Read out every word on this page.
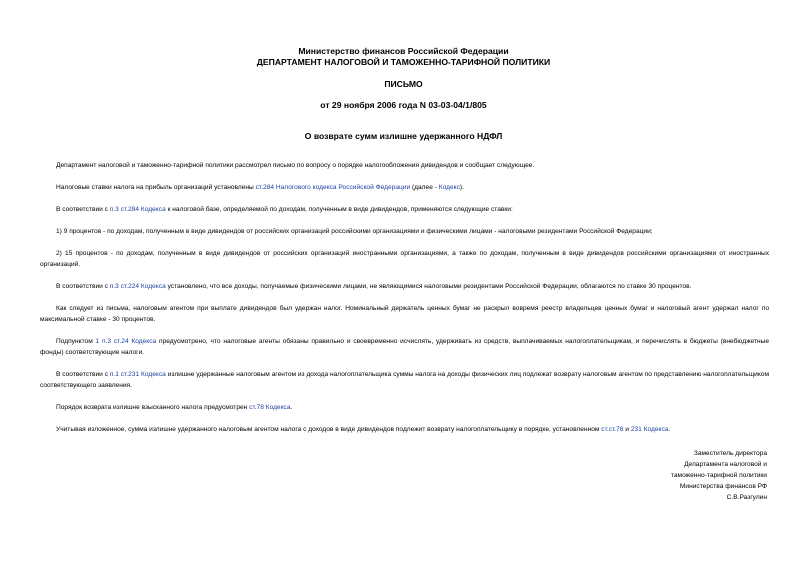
Министерство финансов Российской Федерации
ДЕПАРТАМЕНТ НАЛОГОВОЙ И ТАМОЖЕННО-ТАРИФНОЙ ПОЛИТИКИ
ПИСЬМО
от 29 ноября 2006 года N 03-03-04/1/805
О возврате сумм излишне удержанного НДФЛ

Департамент налоговой и таможенно-тарифной политики рассмотрел письмо по вопросу о порядке налогообложения дивидендов и сообщает следующее.

Налоговые ставки налога на прибыль организаций установлены ст.284 Налогового кодекса Российской Федерации (далее - Кодекс).

В соответствии с п.3 ст.284 Кодекса к налоговой базе, определяемой по доходам, полученным в виде дивидендов, применяются следующие ставки:

1) 9 процентов - по доходам, полученным в виде дивидендов от российских организаций российскими организациями и физическими лицами - налоговыми резидентами Российской Федерации;

2) 15 процентов - по доходам, полученным в виде дивидендов от российских организаций иностранными организациями, а также по доходам, полученным в виде дивидендов российскими организациями от иностранных организаций.

В соответствии с п.3 ст.224 Кодекса установлено, что все доходы, получаемые физическими лицами, не являющимися налоговыми резидентами Российской Федерации, облагаются по ставке 30 процентов.

Как следует из письма, налоговым агентом при выплате дивидендов был удержан налог. Номинальный держатель ценных бумаг не раскрыл вовремя реестр владельцев ценных бумаг и налоговый агент удержал налог по максимальной ставке - 30 процентов.

Подпунктом 1 п.3 ст.24 Кодекса предусмотрено, что налоговые агенты обязаны правильно и своевременно исчислять, удерживать из средств, выплачиваемых налогоплательщикам, и перечислять в бюджеты (внебюджетные фонды) соответствующие налоги.

В соответствии с п.1 ст.231 Кодекса излишне удержанные налоговым агентом из дохода налогоплательщика суммы налога на доходы физических лиц подлежат возврату налоговым агентом по представлению налогоплательщиком соответствующего заявления.

Порядок возврата излишне взысканного налога предусмотрен ст.78 Кодекса.

Учитывая изложенное, сумма излишне удержанного налоговым агентом налога с доходов в виде дивидендов подлежит возврату налогоплательщику в порядке, установленном ст.ст.78 и 231 Кодекса.

Заместитель директора
Департамента налоговой и
таможенно-тарифной политики
Министерства финансов РФ
С.В.Разгулин
